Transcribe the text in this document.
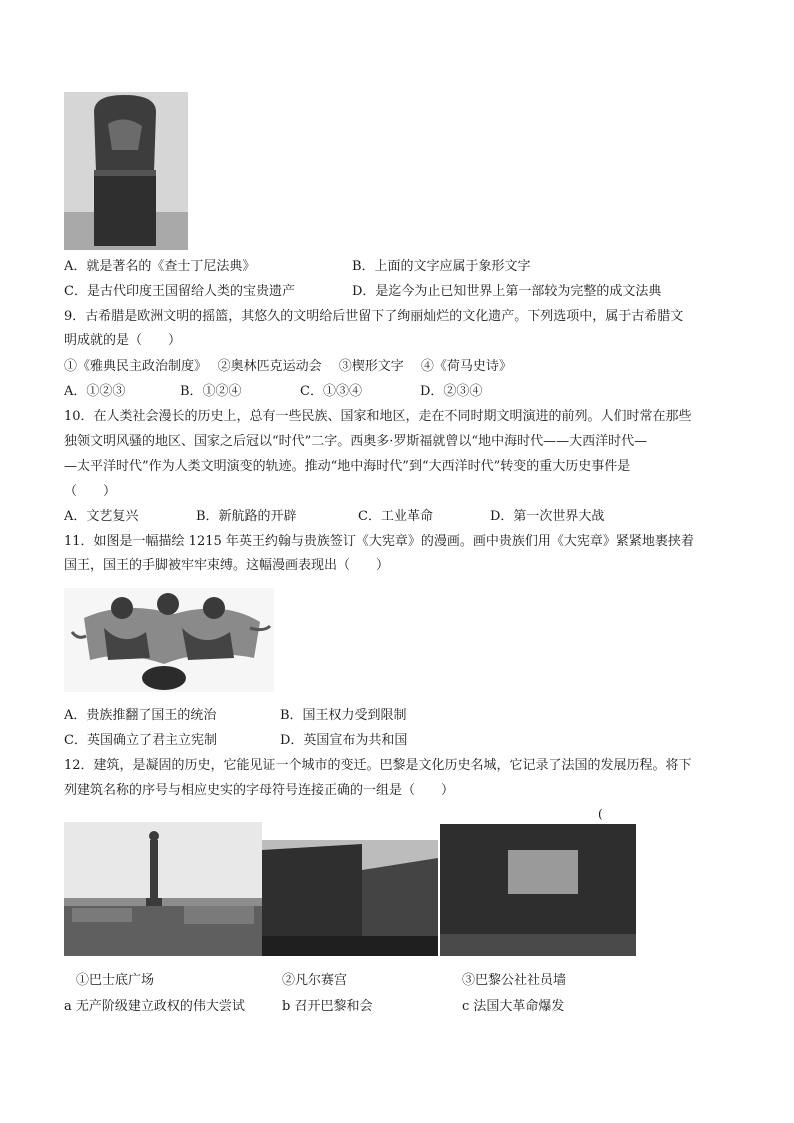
A．就是著名的《查士丁尼法典》	B．上面的文字应属于象形文字
C．是古代印度王国留给人类的宝贵遗产	D．是迄今为止已知世界上第一部较为完整的成文法典
9．古希腊是欧洲文明的摇篮，其悠久的文明给后世留下了绚丽灿烂的文化遗产。下列选项中，属于古希腊文
明成就的是（　　）
①《雅典民主政治制度》　 ②奥林匹克运动会　 ③楔形文字　 ④《荷马史诗》
A．①②③	B．①②④	C．①③④	D．②③④
10．在人类社会漫长的历史上，总有一些民族、国家和地区，走在不同时期文明演进的前列。人们时常在那些
独领文明风骚的地区、国家之后冠以“时代”二字。西奥多·罗斯福就曾以“地中海时代——大西洋时代—
—太平洋时代”作为人类文明演变的轨迹。推动“地中海时代”到“大西洋时代”转变的重大历史事件是
（　　）
A．文艺复兴	B．新航路的开辟	C．工业革命	D．第一次世界大战
11．如图是一幅描绘 1215 年英王约翰与贵族签订《大宪章》的漫画。画中贵族们用《大宪章》紧紧地裹挟着
国王，国王的手脚被牢牢束缚。这幅漫画表现出（　　）
A．贵族推翻了国王的统治	B．国王权力受到限制
C．英国确立了君主立宪制	D．英国宣布为共和国
12．建筑，是凝固的历史，它能见证一个城市的变迁。巴黎是文化历史名城，它记录了法国的发展历程。将下
列建筑名称的序号与相应史实的字母符号连接正确的一组是（　　）
(
①巴士底广场	②凡尔赛宫	③巴黎公社社员墙
a 无产阶级建立政权的伟大尝试	b 召开巴黎和会	c 法国大革命爆发
